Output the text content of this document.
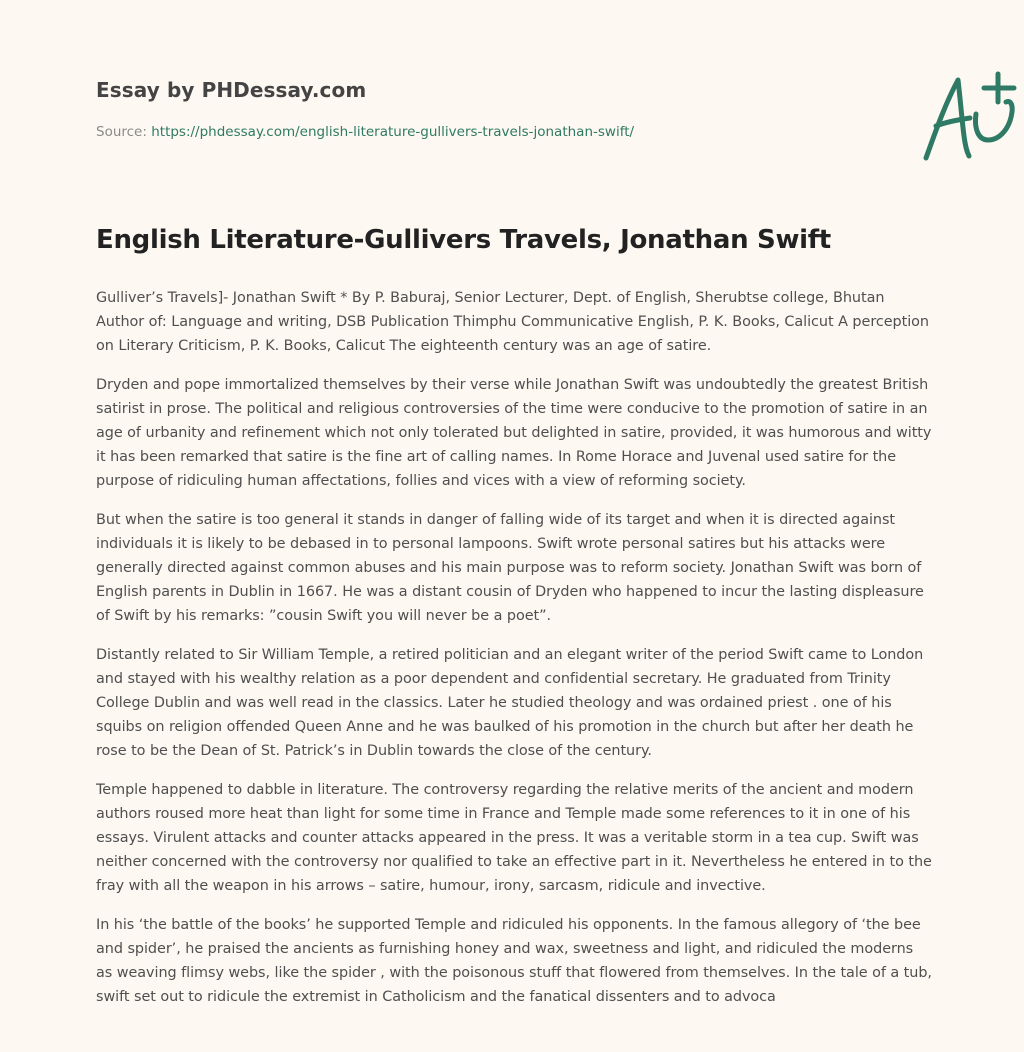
Essay by PHDessay.com
Source: https://phdessay.com/english-literature-gullivers-travels-jonathan-swift/
English Literature-Gullivers Travels, Jonathan Swift

Gulliver’s Travels]- Jonathan Swift * By P. Baburaj, Senior Lecturer, Dept. of English, Sherubtse college, Bhutan Author of: Language and writing, DSB Publication Thimphu Communicative English, P. K. Books, Calicut A perception on Literary Criticism, P. K. Books, Calicut The eighteenth century was an age of satire.

Dryden and pope immortalized themselves by their verse while Jonathan Swift was undoubtedly the greatest British satirist in prose. The political and religious controversies of the time were conducive to the promotion of satire in an age of urbanity and refinement which not only tolerated but delighted in satire, provided, it was humorous and witty it has been remarked that satire is the fine art of calling names. In Rome Horace and Juvenal used satire for the purpose of ridiculing human affectations, follies and vices with a view of reforming society.

But when the satire is too general it stands in danger of falling wide of its target and when it is directed against individuals it is likely to be debased in to personal lampoons. Swift wrote personal satires but his attacks were generally directed against common abuses and his main purpose was to reform society. Jonathan Swift was born of English parents in Dublin in 1667. He was a distant cousin of Dryden who happened to incur the lasting displeasure of Swift by his remarks: ”cousin Swift you will never be a poet”.

Distantly related to Sir William Temple, a retired politician and an elegant writer of the period Swift came to London and stayed with his wealthy relation as a poor dependent and confidential secretary. He graduated from Trinity College Dublin and was well read in the classics. Later he studied theology and was ordained priest . one of his squibs on religion offended Queen Anne and he was baulked of his promotion in the church but after her death he rose to be the Dean of St. Patrick’s in Dublin towards the close of the century.

Temple happened to dabble in literature. The controversy regarding the relative merits of the ancient and modern authors roused more heat than light for some time in France and Temple made some references to it in one of his essays. Virulent attacks and counter attacks appeared in the press. It was a veritable storm in a tea cup. Swift was neither concerned with the controversy nor qualified to take an effective part in it. Nevertheless he entered in to the fray with all the weapon in his arrows – satire, humour, irony, sarcasm, ridicule and invective.

In his ‘the battle of the books’ he supported Temple and ridiculed his opponents. In the famous allegory of ‘the bee and spider’, he praised the ancients as furnishing honey and wax, sweetness and light, and ridiculed the moderns as weaving flimsy webs, like the spider , with the poisonous stuff that flowered from themselves. In the tale of a tub, swift set out to ridicule the extremist in Catholicism and the fanatical dissenters and to advoca
